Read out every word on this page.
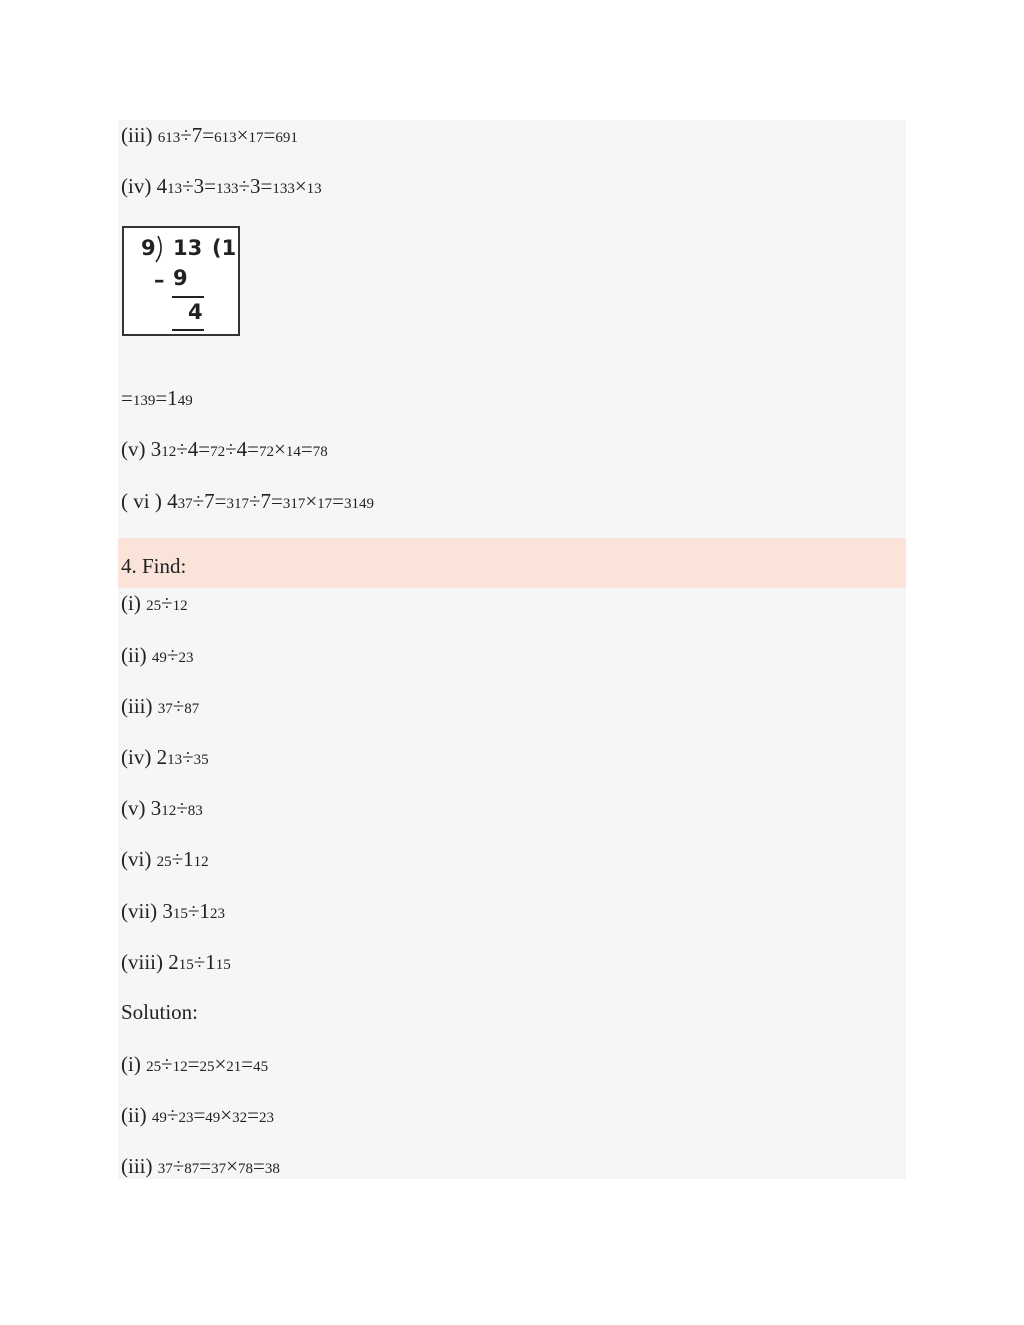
(iii) 613÷7=613×17=691
(iv) 413÷3=133÷3=133×13
9 13 (1
– 9
4
=139=149
(v) 312÷4=72÷4=72×14=78
( vi ) 437÷7=317÷7=317×17=3149
4. Find:
(i) 25÷12
(ii) 49÷23
(iii) 37÷87
(iv) 213÷35
(v) 312÷83
(vi) 25÷112
(vii) 315÷123
(viii) 215÷115
Solution:
(i) 25÷12=25×21=45
(ii) 49÷23=49×32=23
(iii) 37÷87=37×78=38
